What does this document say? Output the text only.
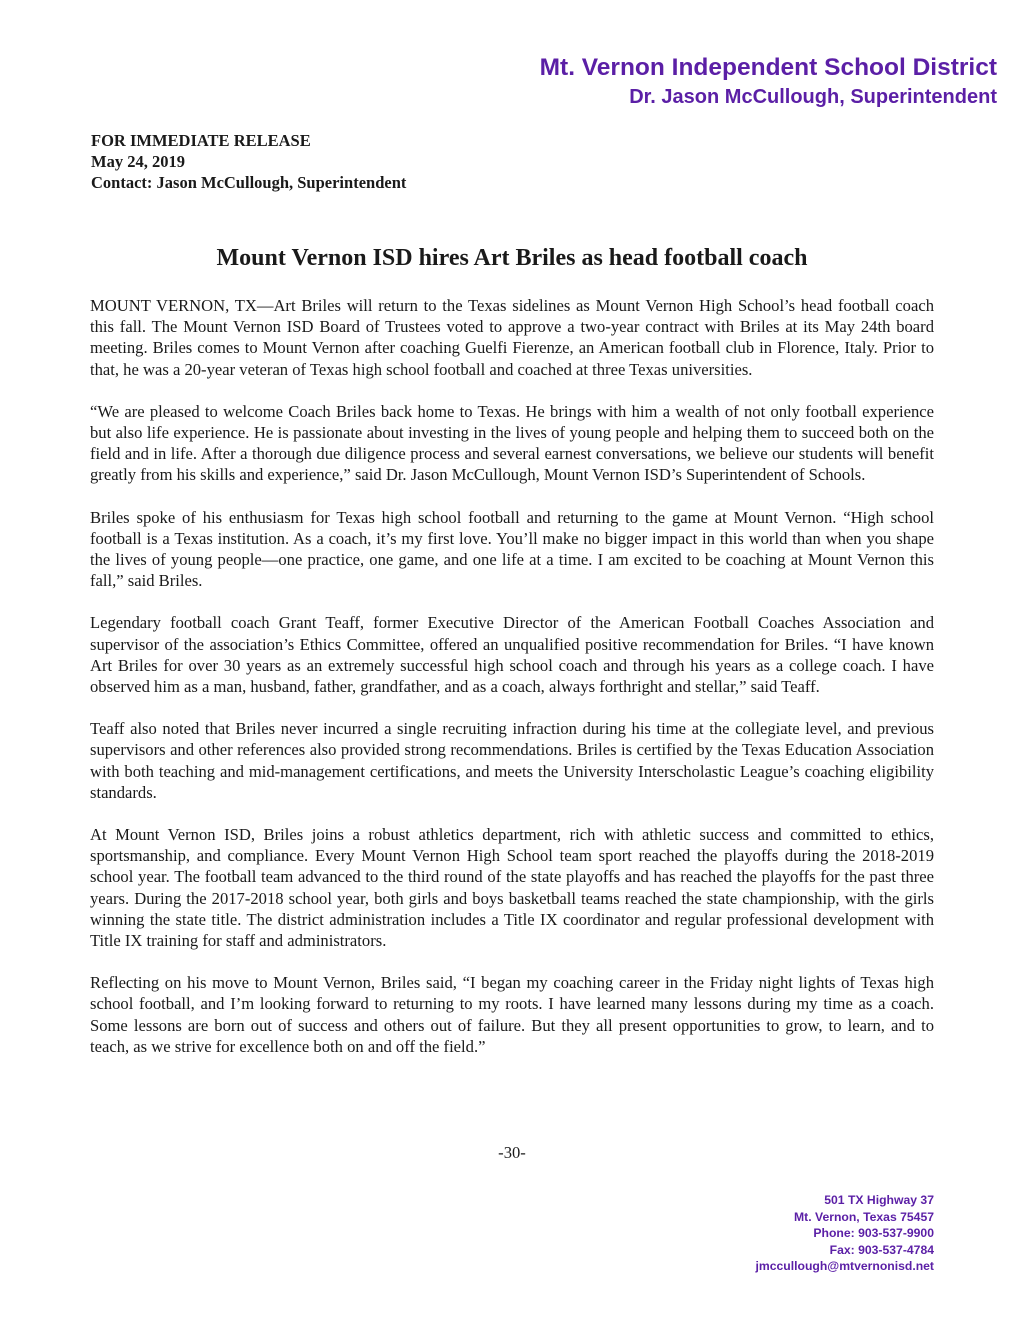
Mt. Vernon Independent School District
Dr. Jason McCullough, Superintendent
FOR IMMEDIATE RELEASE
May 24, 2019
Contact: Jason McCullough, Superintendent
Mount Vernon ISD hires Art Briles as head football coach

MOUNT VERNON, TX—Art Briles will return to the Texas sidelines as Mount Vernon High School’s head football coach this fall. The Mount Vernon ISD Board of Trustees voted to approve a two-year contract with Briles at its May 24th board meeting. Briles comes to Mount Vernon after coaching Guelfi Fierenze, an American football club in Florence, Italy. Prior to that, he was a 20-year veteran of Texas high school football and coached at three Texas universities.

“We are pleased to welcome Coach Briles back home to Texas. He brings with him a wealth of not only football experience but also life experience. He is passionate about investing in the lives of young people and helping them to succeed both on the field and in life. After a thorough due diligence process and several earnest conversations, we believe our students will benefit greatly from his skills and experience,” said Dr. Jason McCullough, Mount Vernon ISD’s Superintendent of Schools.

Briles spoke of his enthusiasm for Texas high school football and returning to the game at Mount Vernon. “High school football is a Texas institution. As a coach, it’s my first love. You’ll make no bigger impact in this world than when you shape the lives of young people—one practice, one game, and one life at a time. I am excited to be coaching at Mount Vernon this fall,” said Briles.

Legendary football coach Grant Teaff, former Executive Director of the American Football Coaches Association and supervisor of the association’s Ethics Committee, offered an unqualified positive recommendation for Briles. “I have known Art Briles for over 30 years as an extremely successful high school coach and through his years as a college coach. I have observed him as a man, husband, father, grandfather, and as a coach, always forthright and stellar,” said Teaff.

Teaff also noted that Briles never incurred a single recruiting infraction during his time at the collegiate level, and previous supervisors and other references also provided strong recommendations. Briles is certified by the Texas Education Association with both teaching and mid-management certifications, and meets the University Interscholastic League’s coaching eligibility standards.

At Mount Vernon ISD, Briles joins a robust athletics department, rich with athletic success and committed to ethics, sportsmanship, and compliance. Every Mount Vernon High School team sport reached the playoffs during the 2018-2019 school year. The football team advanced to the third round of the state playoffs and has reached the playoffs for the past three years. During the 2017-2018 school year, both girls and boys basketball teams reached the state championship, with the girls winning the state title. The district administration includes a Title IX coordinator and regular professional development with Title IX training for staff and administrators.

Reflecting on his move to Mount Vernon, Briles said, “I began my coaching career in the Friday night lights of Texas high school football, and I’m looking forward to returning to my roots. I have learned many lessons during my time as a coach. Some lessons are born out of success and others out of failure. But they all present opportunities to grow, to learn, and to teach, as we strive for excellence both on and off the field.”

-30-
501 TX Highway 37
Mt. Vernon, Texas 75457
Phone: 903-537-9900
Fax: 903-537-4784
jmccullough@mtvernonisd.net
